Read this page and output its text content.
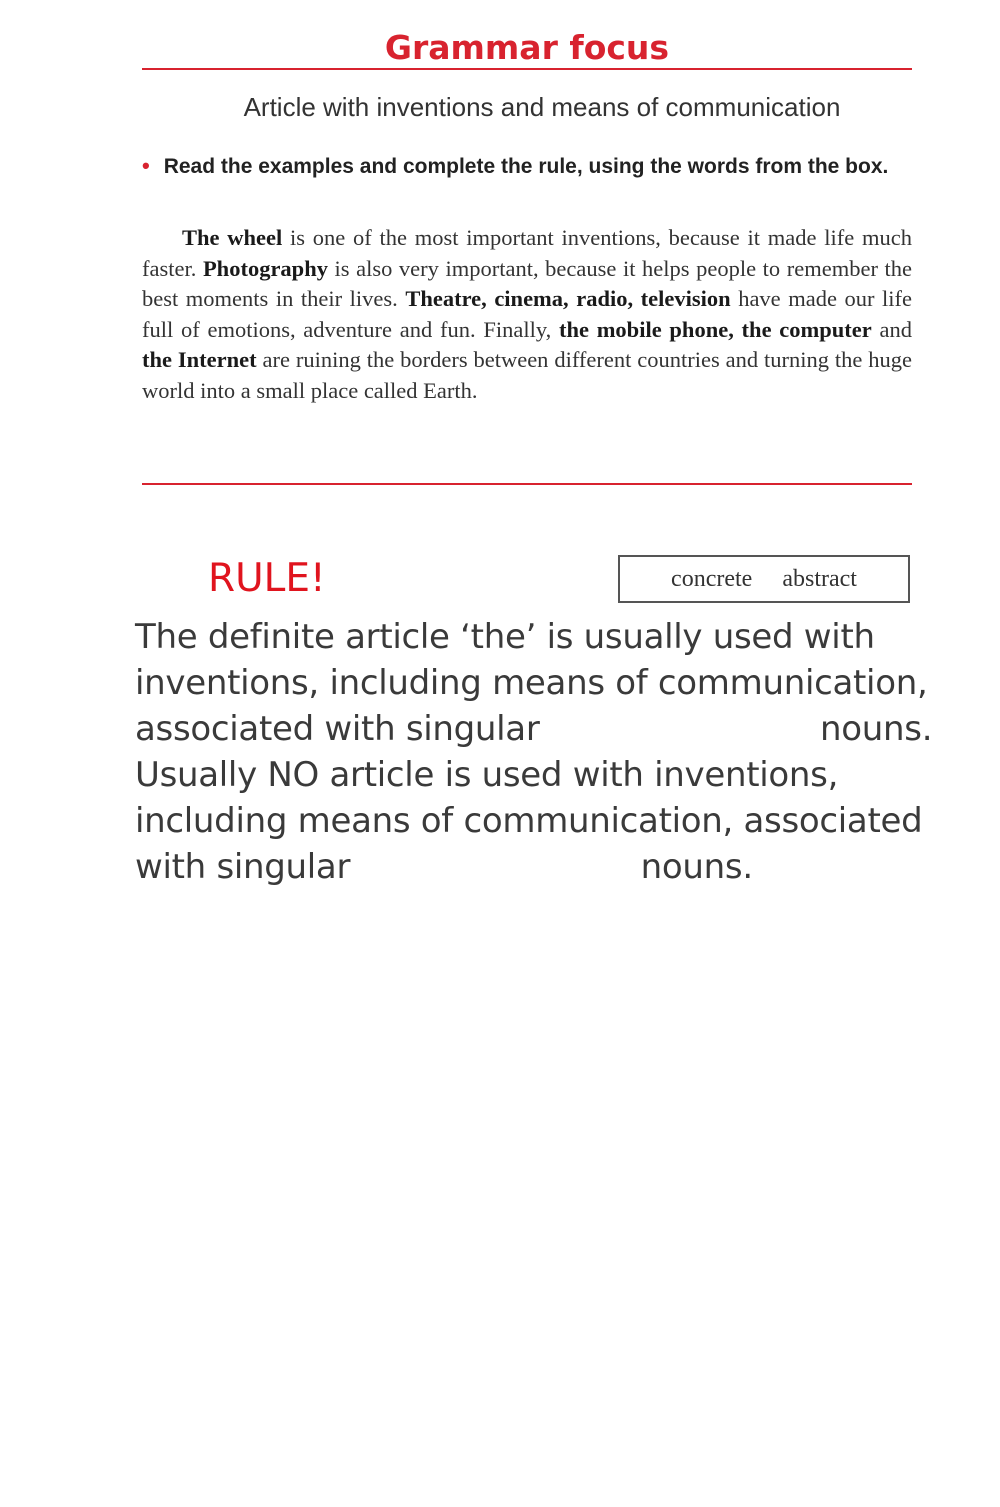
Grammar focus
Article with inventions and means of communication
• Read the examples and complete the rule, using the words from the box.
The wheel is one of the most important inventions, because it made life much faster. Photography is also very important, because it helps people to remember the best moments in their lives. Theatre, cinema, radio, television have made our life full of emotions, adventure and fun. Finally, the mobile phone, the computer and the Internet are ruining the borders between different countries and turning the huge world into a small place called Earth.
RULE!	concrete abstract
The definite article ‘the’ is usually used with inventions, including means of communication, associated with singular	nouns. Usually NO article is used with inventions, including means of communication, associated with singular	nouns.
